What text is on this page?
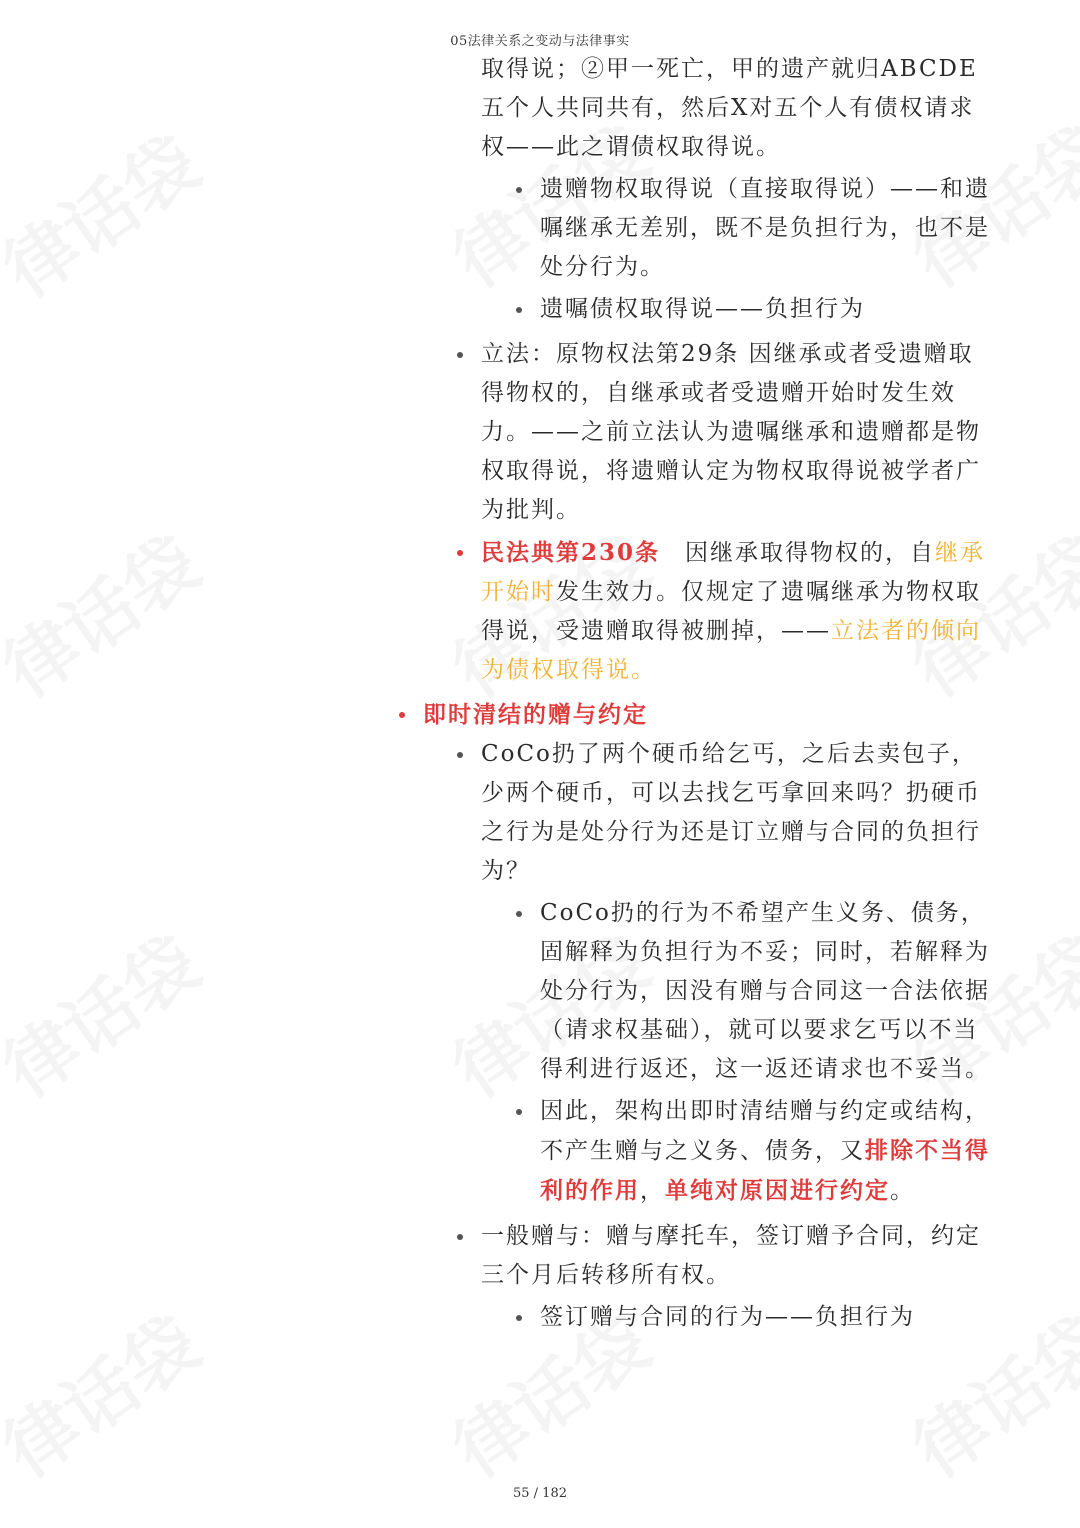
05法律关系之变动与法律事实

取得说；②甲一死亡，甲的遗产就归ABCDE五个人共同共有，然后X对五个人有债权请求权——此之谓债权取得说。

遗赠物权取得说（直接取得说）——和遗嘱继承无差别，既不是负担行为，也不是处分行为。

遗嘱债权取得说——负担行为

立法：原物权法第29条 因继承或者受遗赠取得物权的，自继承或者受遗赠开始时发生效力。——之前立法认为遗嘱继承和遗赠都是物权取得说，将遗赠认定为物权取得说被学者广为批判。

民法典第230条　因继承取得物权的，自继承开始时发生效力。仅规定了遗嘱继承为物权取得说，受遗赠取得被删掉，——立法者的倾向为债权取得说。

即时清结的赠与约定

CoCo扔了两个硬币给乞丐，之后去卖包子，少两个硬币，可以去找乞丐拿回来吗？扔硬币之行为是处分行为还是订立赠与合同的负担行为？

CoCo扔的行为不希望产生义务、债务，固解释为负担行为不妥；同时，若解释为处分行为，因没有赠与合同这一合法依据（请求权基础），就可以要求乞丐以不当得利进行返还，这一返还请求也不妥当。

因此，架构出即时清结赠与约定或结构，不产生赠与之义务、债务，又排除不当得利的作用，单纯对原因进行约定。

一般赠与：赠与摩托车，签订赠予合同，约定三个月后转移所有权。

签订赠与合同的行为——负担行为

55 / 182
